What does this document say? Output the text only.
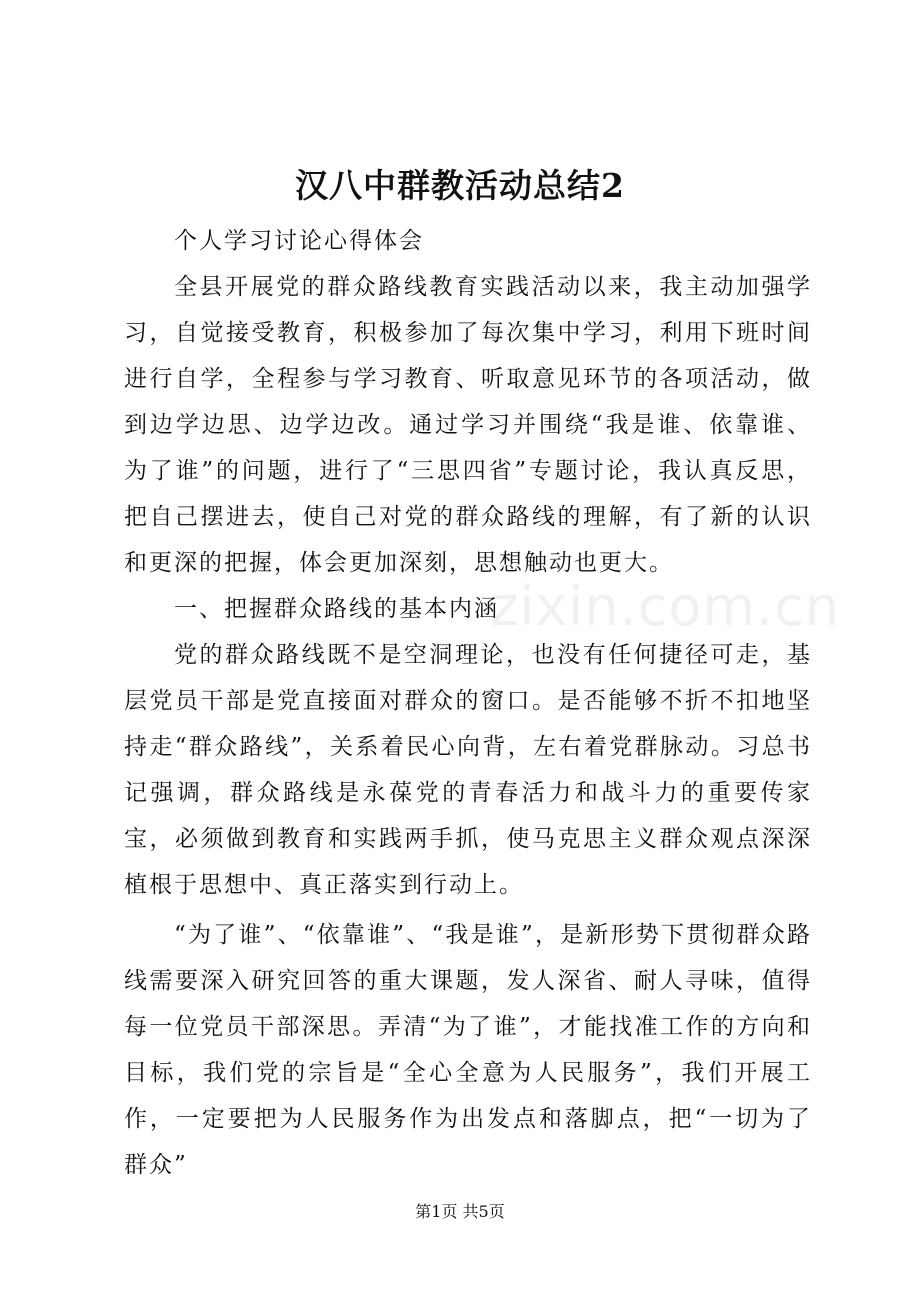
汉八中群教活动总结2

个人学习讨论心得体会

全县开展党的群众路线教育实践活动以来，我主动加强学习，自觉接受教育，积极参加了每次集中学习，利用下班时间进行自学，全程参与学习教育、听取意见环节的各项活动，做到边学边思、边学边改。通过学习并围绕“我是谁、依靠谁、为了谁”的问题，进行了“三思四省”专题讨论，我认真反思，把自己摆进去，使自己对党的群众路线的理解，有了新的认识和更深的把握，体会更加深刻，思想触动也更大。

一、把握群众路线的基本内涵

党的群众路线既不是空洞理论，也没有任何捷径可走，基层党员干部是党直接面对群众的窗口。是否能够不折不扣地坚持走“群众路线”，关系着民心向背，左右着党群脉动。习总书记强调，群众路线是永葆党的青春活力和战斗力的重要传家宝，必须做到教育和实践两手抓，使马克思主义群众观点深深植根于思想中、真正落实到行动上。

“为了谁”、“依靠谁”、“我是谁”，是新形势下贯彻群众路线需要深入研究回答的重大课题，发人深省、耐人寻味，值得每一位党员干部深思。弄清“为了谁”，才能找准工作的方向和目标，我们党的宗旨是“全心全意为人民服务”，我们开展工作，一定要把为人民服务作为出发点和落脚点，把“一切为了群众”

zixin.com.cn
第1页 共5页
